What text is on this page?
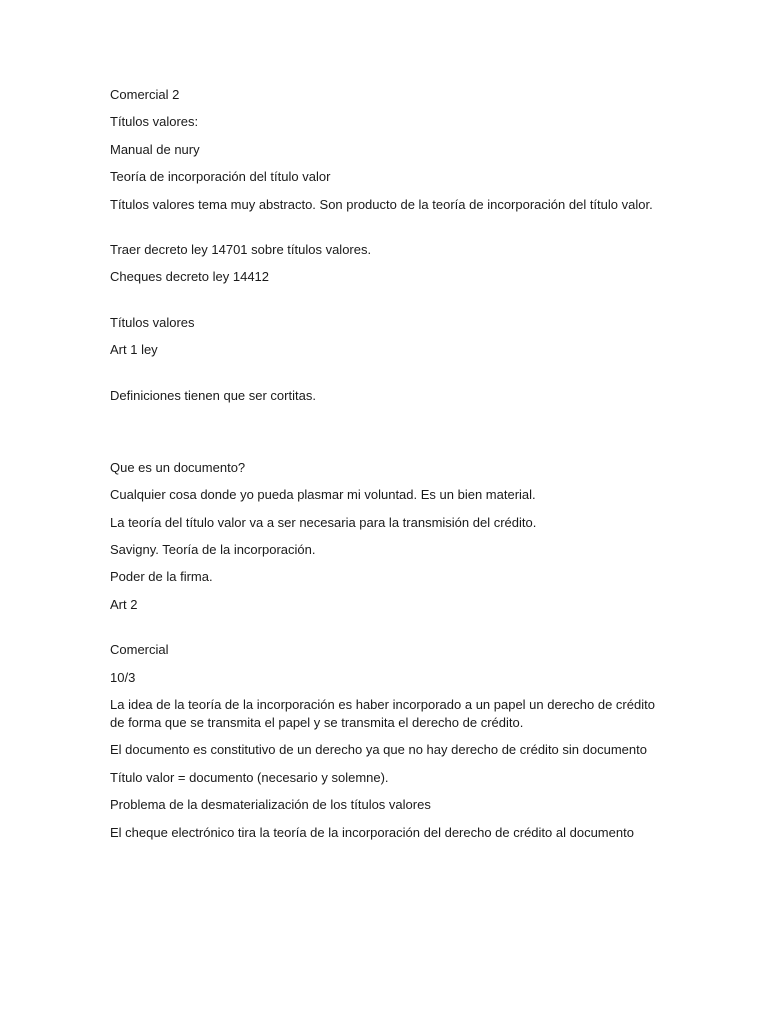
Comercial 2

Títulos valores:

Manual de nury

Teoría de incorporación del título valor

Títulos valores tema muy abstracto. Son producto de la teoría de incorporación del título valor.

Traer decreto ley 14701 sobre títulos valores.

Cheques decreto ley 14412

Títulos valores

Art 1 ley

Definiciones tienen que ser cortitas.

Que es un documento?

Cualquier cosa donde yo pueda plasmar mi voluntad. Es un bien material.

La teoría del título valor va a ser necesaria para la transmisión del crédito.

Savigny. Teoría de la incorporación.

Poder de la firma.

Art 2

Comercial

10/3

La idea de la teoría de la incorporación es haber incorporado a un papel un derecho de crédito de forma que se transmita el papel y se transmita el derecho de crédito.

El documento es constitutivo de un derecho ya que no hay derecho de crédito sin documento

Título valor = documento (necesario y solemne).

Problema de la desmaterialización de los títulos valores

El cheque electrónico tira la teoría de la incorporación del derecho de crédito al documento
